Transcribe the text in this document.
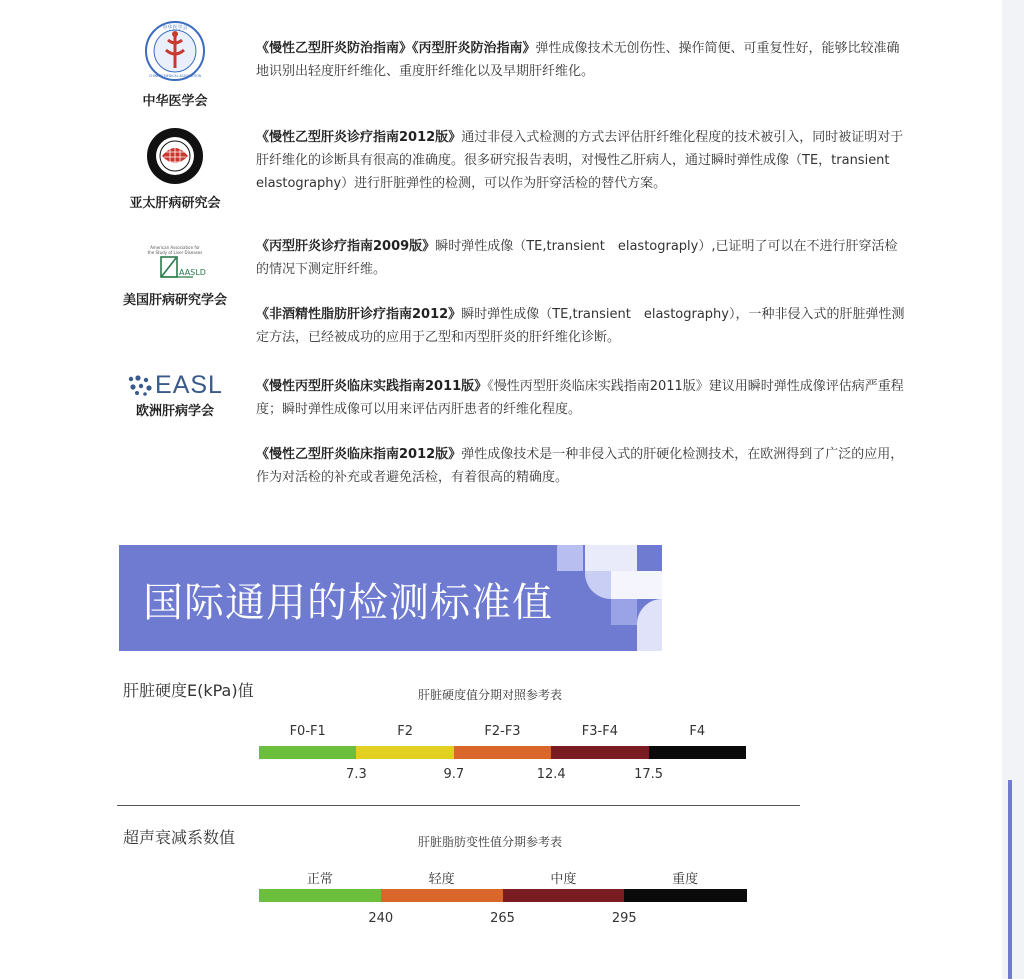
中华医学会
CHINESE MEDICAL ASSOCIATION
中华医学会
亚太肝病研究会
American Association for
the Study of Liver Diseases
AASLD
美国肝病研究学会
EASL
欧洲肝病学会
《慢性乙型肝炎防治指南》《丙型肝炎防治指南》弹性成像技术无创伤性、操作简便、可重复性好，能够比较准确地识别出轻度肝纤维化、重度肝纤维化以及早期肝纤维化。
《慢性乙型肝炎诊疗指南2012版》通过非侵入式检测的方式去评估肝纤维化程度的技术被引入，同时被证明对于肝纤维化的诊断具有很高的准确度。很多研究报告表明，对慢性乙肝病人，通过瞬时弹性成像（TE，transient elastography）进行肝脏弹性的检测，可以作为肝穿活检的替代方案。
《丙型肝炎诊疗指南2009版》瞬时弹性成像（TE,transient　elastograply）,已证明了可以在不进行肝穿活检的情况下测定肝纤维。
《非酒精性脂肪肝诊疗指南2012》瞬时弹性成像（TE,transient　elastography），一种非侵入式的肝脏弹性测定方法，已经被成功的应用于乙型和丙型肝炎的肝纤维化诊断。
《慢性丙型肝炎临床实践指南2011版》《慢性丙型肝炎临床实践指南2011版》建议用瞬时弹性成像评估病严重程度；瞬时弹性成像可以用来评估丙肝患者的纤维化程度。
《慢性乙型肝炎临床指南2012版》弹性成像技术是一种非侵入式的肝硬化检测技术，在欧洲得到了广泛的应用，作为对活检的补充或者避免活检，有着很高的精确度。
国际通用的检测标准值
肝脏硬度E(kPa)值	肝脏硬度值分期对照参考表
F0-F1	F2	F2-F3	F3-F4	F4
7.3	9.7	12.4	17.5
超声衰减系数值	肝脏脂肪变性值分期参考表
正常	轻度	中度	重度
240	265	295
